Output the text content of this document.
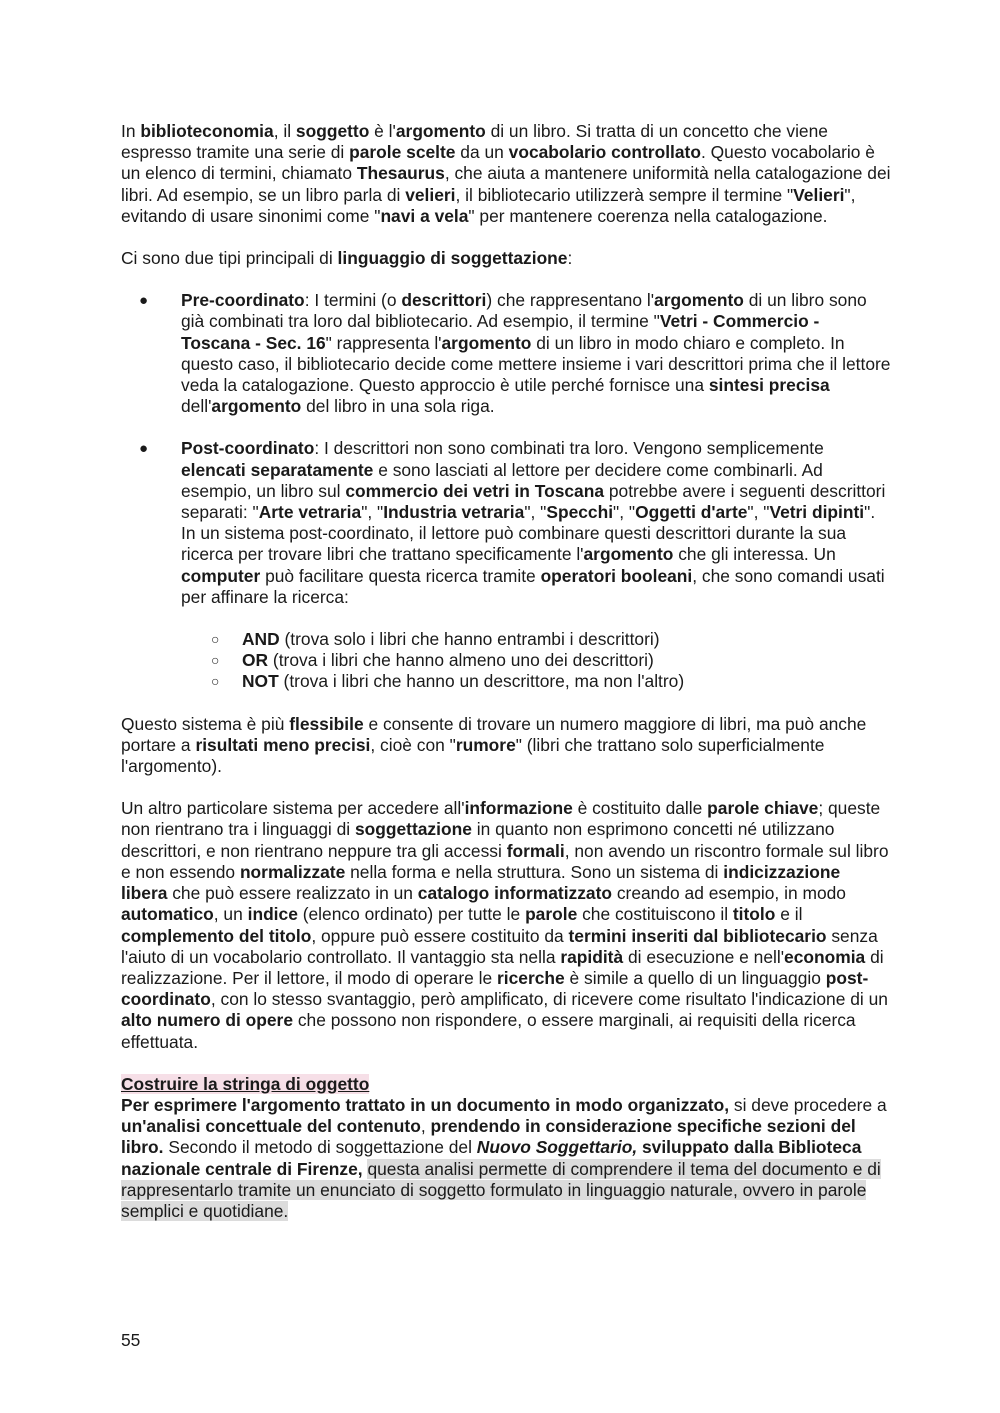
In biblioteconomia, il soggetto è l'argomento di un libro. Si tratta di un concetto che viene espresso tramite una serie di parole scelte da un vocabolario controllato. Questo vocabolario è un elenco di termini, chiamato Thesaurus, che aiuta a mantenere uniformità nella catalogazione dei libri. Ad esempio, se un libro parla di velieri, il bibliotecario utilizzerà sempre il termine "Velieri", evitando di usare sinonimi come "navi a vela" per mantenere coerenza nella catalogazione.

Ci sono due tipi principali di linguaggio di soggettazione:

● Pre-coordinato: I termini (o descrittori) che rappresentano l'argomento di un libro sono già combinati tra loro dal bibliotecario. Ad esempio, il termine "Vetri - Commercio - Toscana - Sec. 16" rappresenta l'argomento di un libro in modo chiaro e completo. In questo caso, il bibliotecario decide come mettere insieme i vari descrittori prima che il lettore veda la catalogazione. Questo approccio è utile perché fornisce una sintesi precisa dell'argomento del libro in una sola riga.
● Post-coordinato: I descrittori non sono combinati tra loro. Vengono semplicemente elencati separatamente e sono lasciati al lettore per decidere come combinarli. Ad esempio, un libro sul commercio dei vetri in Toscana potrebbe avere i seguenti descrittori separati: "Arte vetraria", "Industria vetraria", "Specchi", "Oggetti d'arte", "Vetri dipinti". In un sistema post-coordinato, il lettore può combinare questi descrittori durante la sua ricerca per trovare libri che trattano specificamente l'argomento che gli interessa. Un computer può facilitare questa ricerca tramite operatori booleani, che sono comandi usati per affinare la ricerca:
○ AND (trova solo i libri che hanno entrambi i descrittori)
○ OR (trova i libri che hanno almeno uno dei descrittori)
○ NOT (trova i libri che hanno un descrittore, ma non l'altro)

Questo sistema è più flessibile e consente di trovare un numero maggiore di libri, ma può anche portare a risultati meno precisi, cioè con "rumore" (libri che trattano solo superficialmente l'argomento).

Un altro particolare sistema per accedere all'informazione è costituito dalle parole chiave; queste non rientrano tra i linguaggi di soggettazione in quanto non esprimono concetti né utilizzano descrittori, e non rientrano neppure tra gli accessi formali, non avendo un riscontro formale sul libro e non essendo normalizzate nella forma e nella struttura. Sono un sistema di indicizzazione libera che può essere realizzato in un catalogo informatizzato creando ad esempio, in modo automatico, un indice (elenco ordinato) per tutte le parole che costituiscono il titolo e il complemento del titolo, oppure può essere costituito da termini inseriti dal bibliotecario senza l'aiuto di un vocabolario controllato. Il vantaggio sta nella rapidità di esecuzione e nell'economia di realizzazione. Per il lettore, il modo di operare le ricerche è simile a quello di un linguaggio post-coordinato, con lo stesso svantaggio, però amplificato, di ricevere come risultato l'indicazione di un alto numero di opere che possono non rispondere, o essere marginali, ai requisiti della ricerca effettuata.

Costruire la stringa di oggetto

Per esprimere l'argomento trattato in un documento in modo organizzato, si deve procedere a un'analisi concettuale del contenuto, prendendo in considerazione specifiche sezioni del libro. Secondo il metodo di soggettazione del Nuovo Soggettario, sviluppato dalla Biblioteca nazionale centrale di Firenze, questa analisi permette di comprendere il tema del documento e di rappresentarlo tramite un enunciato di soggetto formulato in linguaggio naturale, ovvero in parole semplici e quotidiane.

55
